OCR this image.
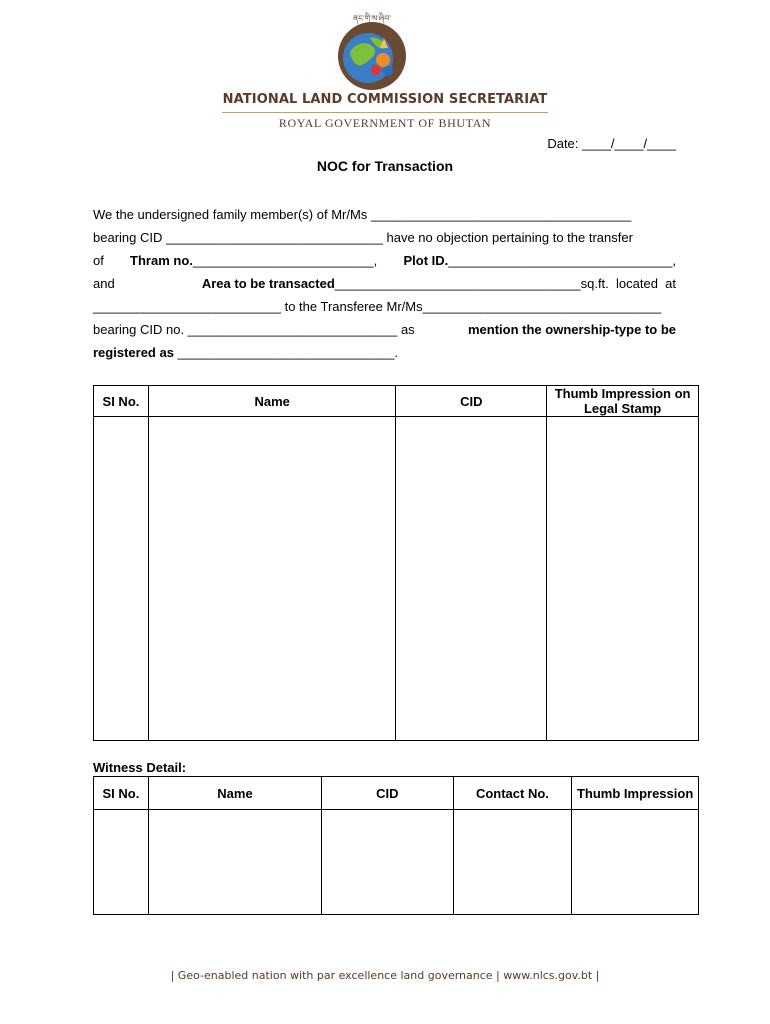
ནང་གི་ས་ཞིབ་
NATIONAL LAND COMMISSION SECRETARIAT
ROYAL GOVERNMENT OF BHUTAN
Date: ____/____/____
NOC for Transaction
We the undersigned family member(s) of Mr/Ms ____________________________________
bearing CID ______________________________ have no objection pertaining to the transfer
of Thram no._________________________, Plot ID._______________________________,
and	Area to be transacted__________________________________sq.ft.  located  at
__________________________ to the Transferee Mr/Ms_________________________________
bearing CID no. _____________________________ as	mention the ownership-type to be
registered as ______________________________.
SI No.	Name	CID	Thumb Impression on Legal Stamp

Witness Detail:
SI No.	Name	CID	Contact No.	Thumb Impression

| Geo-enabled nation with par excellence land governance | www.nlcs.gov.bt |
